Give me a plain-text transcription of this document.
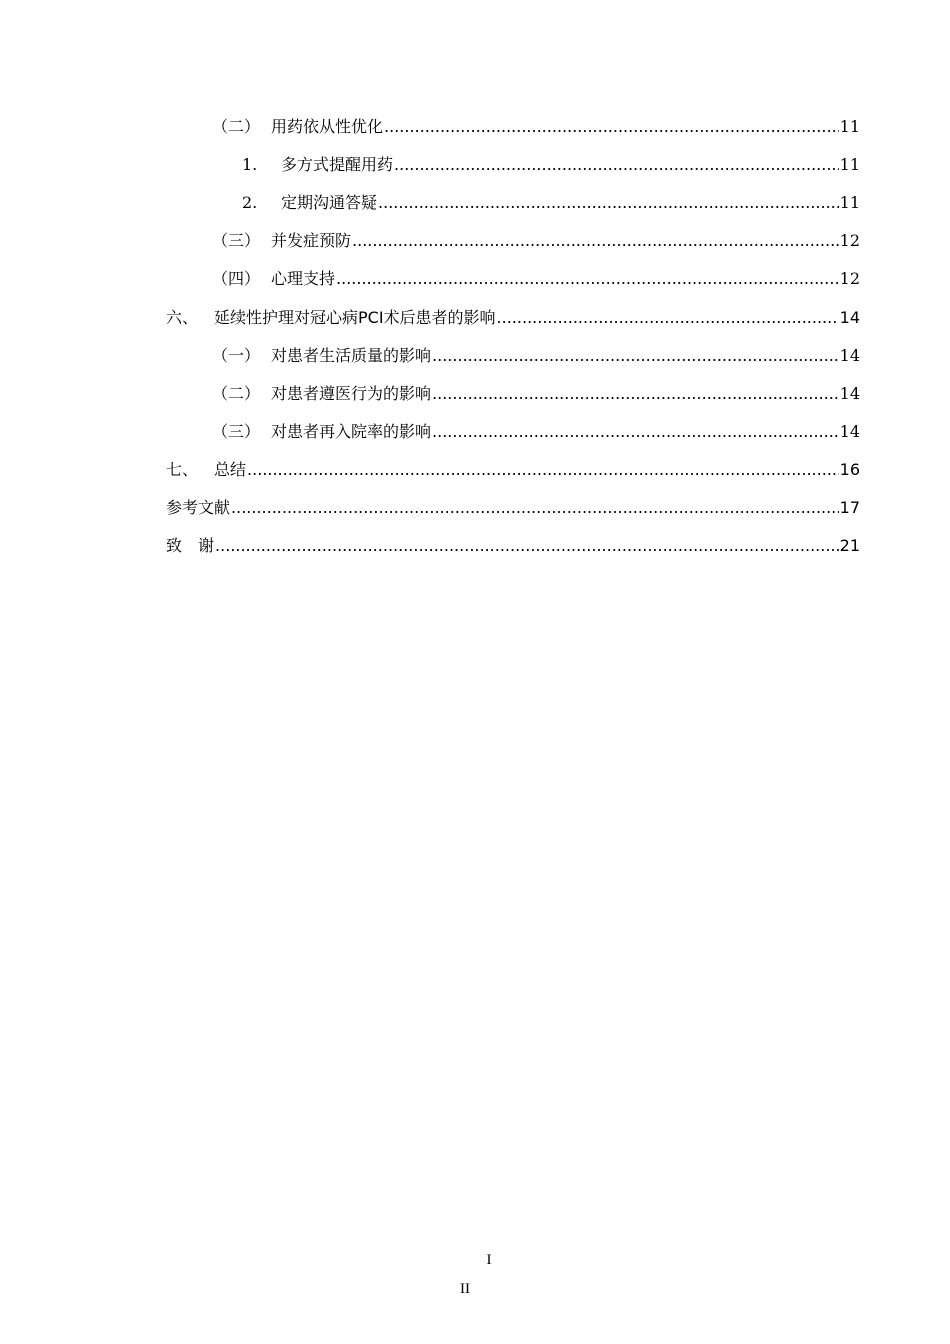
（二） 用药依从性优化 .....	11
1.	多方式提醒用药 .....	11
2.	定期沟通答疑 .....	11
（三） 并发症预防 .....	12
（四） 心理支持 .....	12
六、 延续性护理对冠心病PCI术后患者的影响 .....	14
（一） 对患者生活质量的影响 .....	14
（二） 对患者遵医行为的影响 .....	14
（三） 对患者再入院率的影响 .....	14
七、 总结 .....	16
参考文献 .....	17
致　谢 .....	21
I
II
